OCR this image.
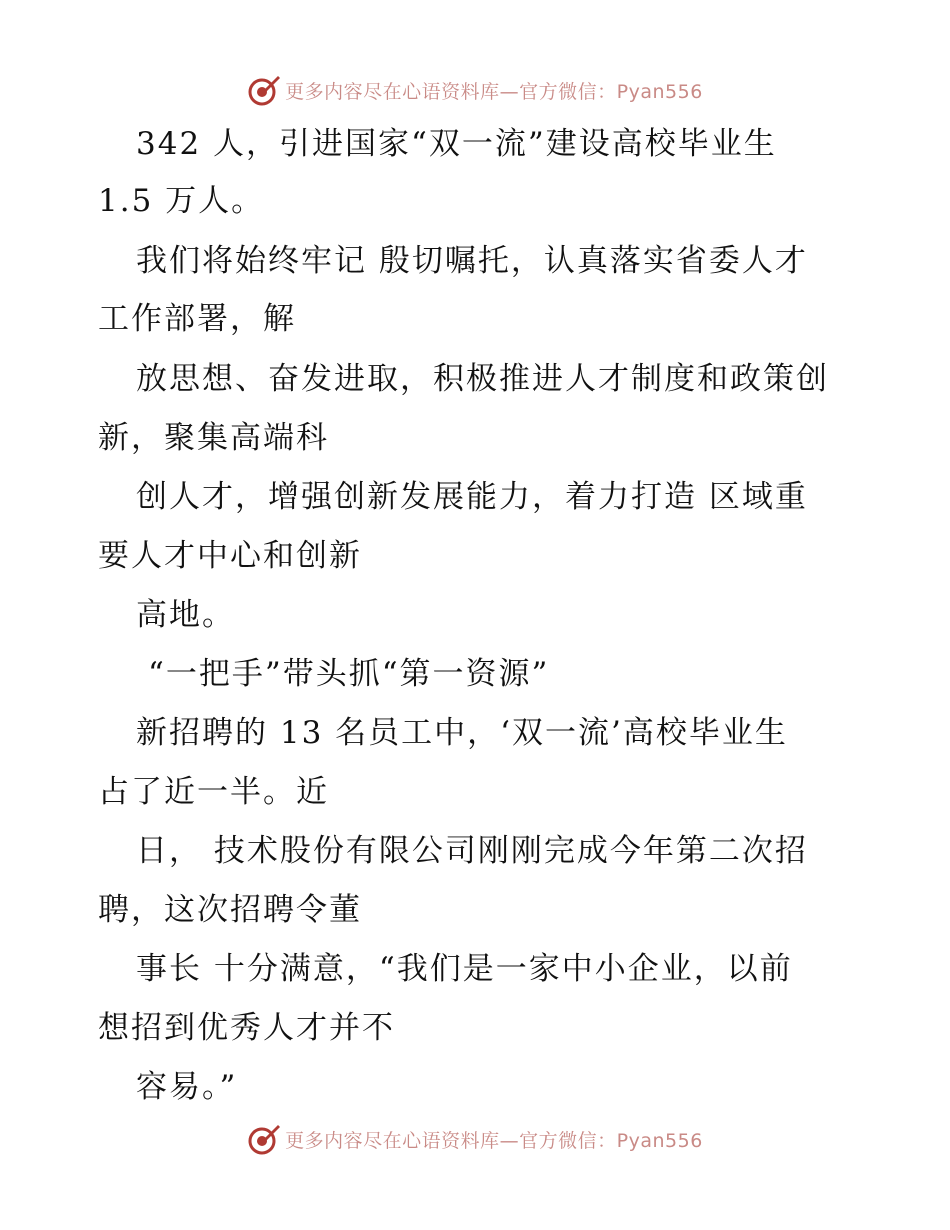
更多内容尽在心语资料库—官方微信：Pyan556
342 人，引进国家“双一流”建设高校毕业生
1.5 万人。
我们将始终牢记 殷切嘱托，认真落实省委人才
工作部署，解
放思想、奋发进取，积极推进人才制度和政策创
新，聚集高端科
创人才，增强创新发展能力，着力打造 区域重
要人才中心和创新
高地。
“一把手”带头抓“第一资源”
新招聘的 13 名员工中，‘双一流’高校毕业生
占了近一半。近
日， 技术股份有限公司刚刚完成今年第二次招
聘，这次招聘令董
事长 十分满意，“我们是一家中小企业，以前
想招到优秀人才并不
容易。”
更多内容尽在心语资料库—官方微信：Pyan556
